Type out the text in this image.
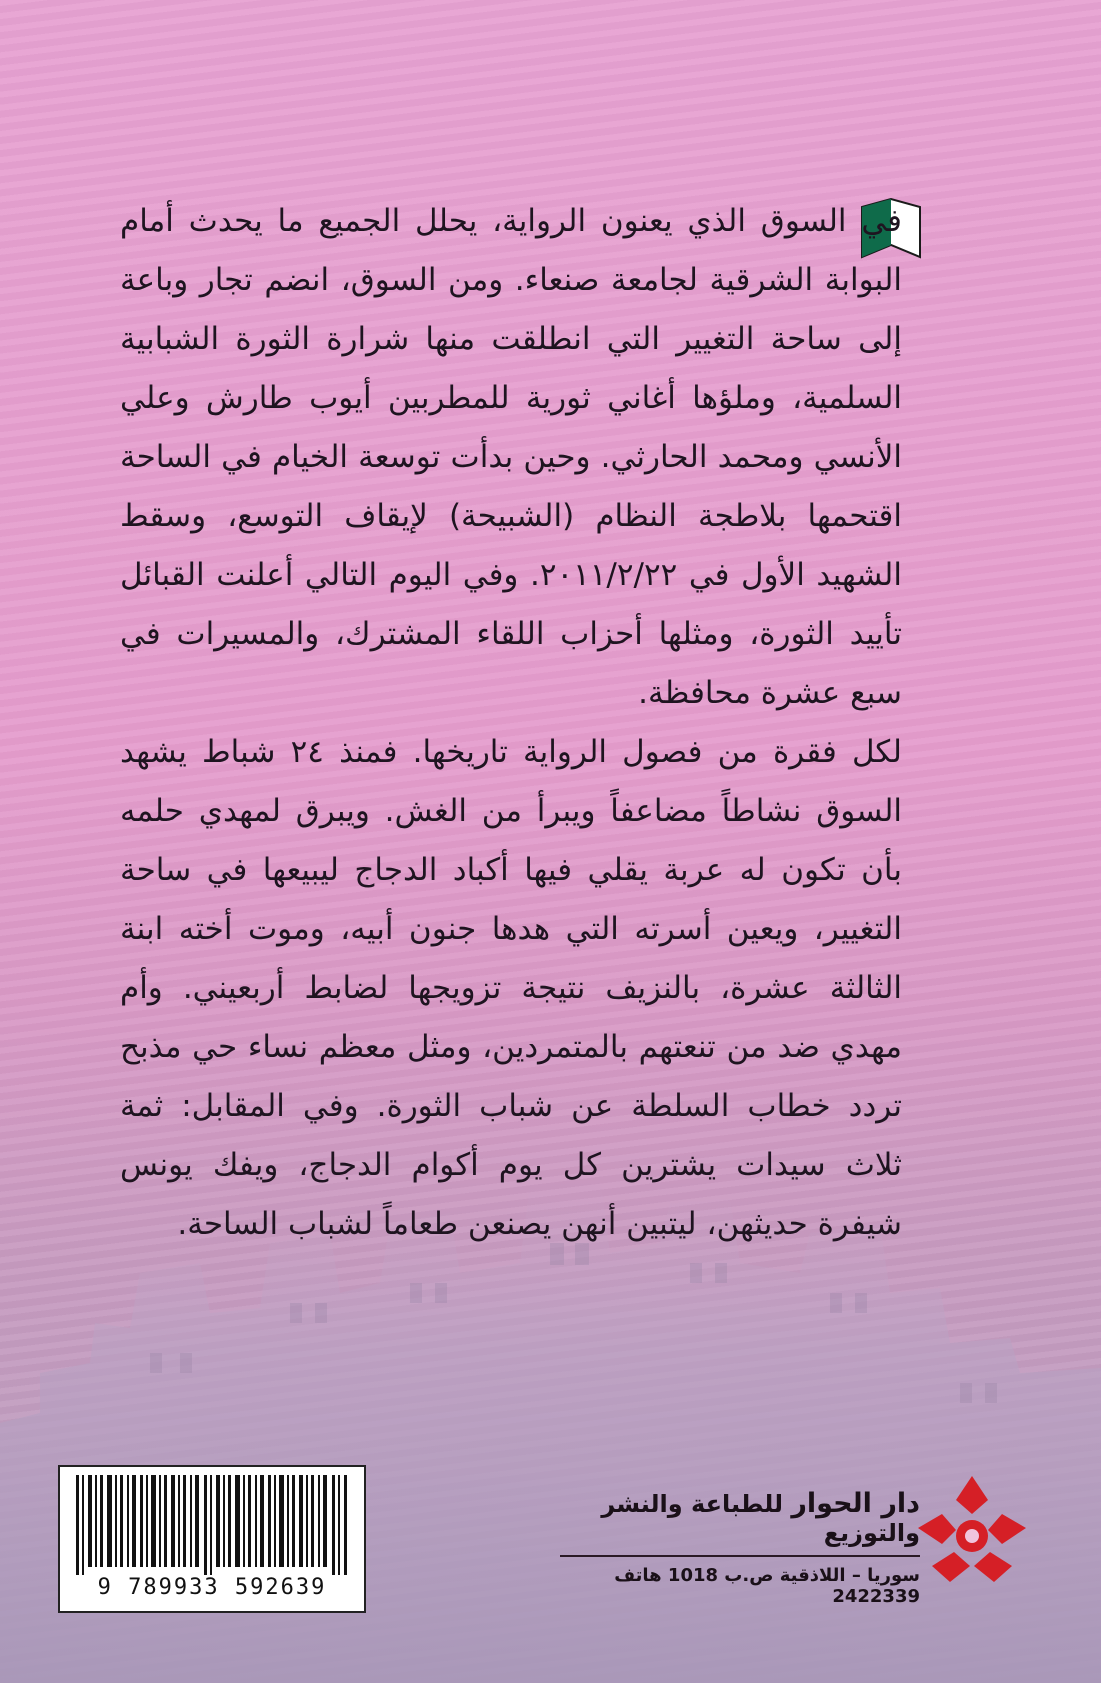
في السوق الذي يعنون الرواية، يحلل الجميع ما يحدث أمام البوابة الشرقية لجامعة صنعاء. ومن السوق، انضم تجار وباعة إلى ساحة التغيير التي انطلقت منها شرارة الثورة الشبابية السلمية، وملؤها أغاني ثورية للمطربين أيوب طارش وعلي الأنسي ومحمد الحارثي. وحين بدأت توسعة الخيام في الساحة اقتحمها بلاطجة النظام (الشبيحة) لإيقاف التوسع، وسقط الشهيد الأول في ٢٠١١/٢/٢٢. وفي اليوم التالي أعلنت القبائل تأييد الثورة، ومثلها أحزاب اللقاء المشترك، والمسيرات في سبع عشرة محافظة.

لكل فقرة من فصول الرواية تاريخها. فمنذ ٢٤ شباط يشهد السوق نشاطاً مضاعفاً ويبرأ من الغش. ويبرق لمهدي حلمه بأن تكون له عربة يقلي فيها أكباد الدجاج ليبيعها في ساحة التغيير، ويعين أسرته التي هدها جنون أبيه، وموت أخته ابنة الثالثة عشرة، بالنزيف نتيجة تزويجها لضابط أربعيني. وأم مهدي ضد من تنعتهم بالمتمردين، ومثل معظم نساء حي مذبح تردد خطاب السلطة عن شباب الثورة. وفي المقابل: ثمة ثلاث سيدات يشترين كل يوم أكوام الدجاج، ويفك يونس شيفرة حديثهن، ليتبين أنهن يصنعن طعاماً لشباب الساحة.

9 789933 592639
دار الحوار للطباعة والنشر والتوزيع
سوريا – اللاذقية ص.ب 1018 هاتف 2422339
